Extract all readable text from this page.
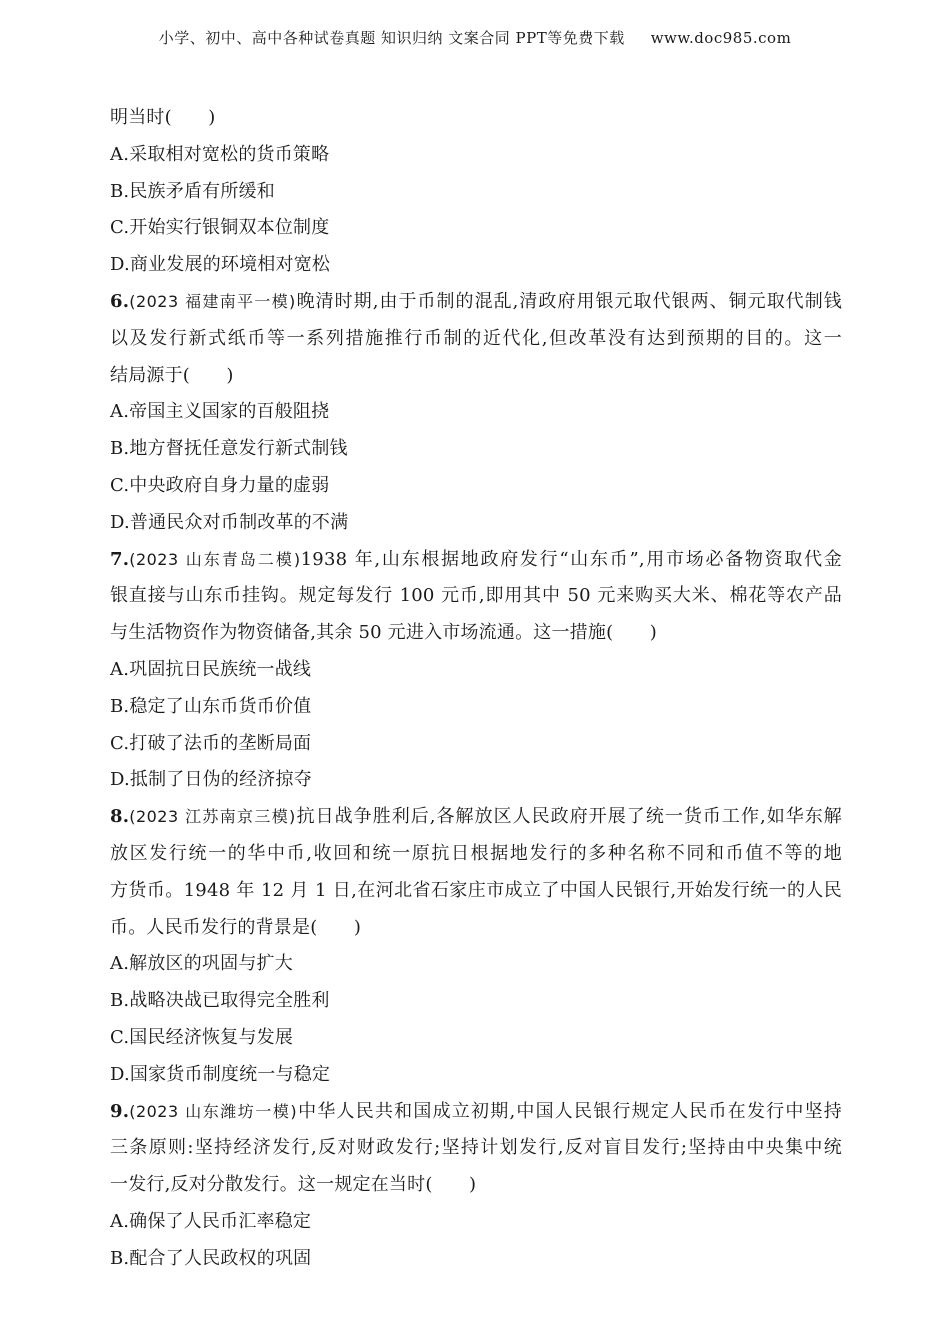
小学、初中、高中各种试卷真题 知识归纳 文案合同 PPT等免费下载 www.doc985.com
明当时(　　)
A.采取相对宽松的货币策略
B.民族矛盾有所缓和
C.开始实行银铜双本位制度
D.商业发展的环境相对宽松
6.(2023 福建南平一模)晚清时期,由于币制的混乱,清政府用银元取代银两、铜元取代制钱
以及发行新式纸币等一系列措施推行币制的近代化,但改革没有达到预期的目的。这一
结局源于(　　)
A.帝国主义国家的百般阻挠
B.地方督抚任意发行新式制钱
C.中央政府自身力量的虚弱
D.普通民众对币制改革的不满
7.(2023 山东青岛二模)1938 年,山东根据地政府发行“山东币”,用市场必备物资取代金
银直接与山东币挂钩。规定每发行 100 元币,即用其中 50 元来购买大米、棉花等农产品
与生活物资作为物资储备,其余 50 元进入市场流通。这一措施(　　)
A.巩固抗日民族统一战线
B.稳定了山东币货币价值
C.打破了法币的垄断局面
D.抵制了日伪的经济掠夺
8.(2023 江苏南京三模)抗日战争胜利后,各解放区人民政府开展了统一货币工作,如华东解
放区发行统一的华中币,收回和统一原抗日根据地发行的多种名称不同和币值不等的地
方货币。1948 年 12 月 1 日,在河北省石家庄市成立了中国人民银行,开始发行统一的人民
币。人民币发行的背景是(　　)
A.解放区的巩固与扩大
B.战略决战已取得完全胜利
C.国民经济恢复与发展
D.国家货币制度统一与稳定
9.(2023 山东潍坊一模)中华人民共和国成立初期,中国人民银行规定人民币在发行中坚持
三条原则:坚持经济发行,反对财政发行;坚持计划发行,反对盲目发行;坚持由中央集中统
一发行,反对分散发行。这一规定在当时(　　)
A.确保了人民币汇率稳定
B.配合了人民政权的巩固
